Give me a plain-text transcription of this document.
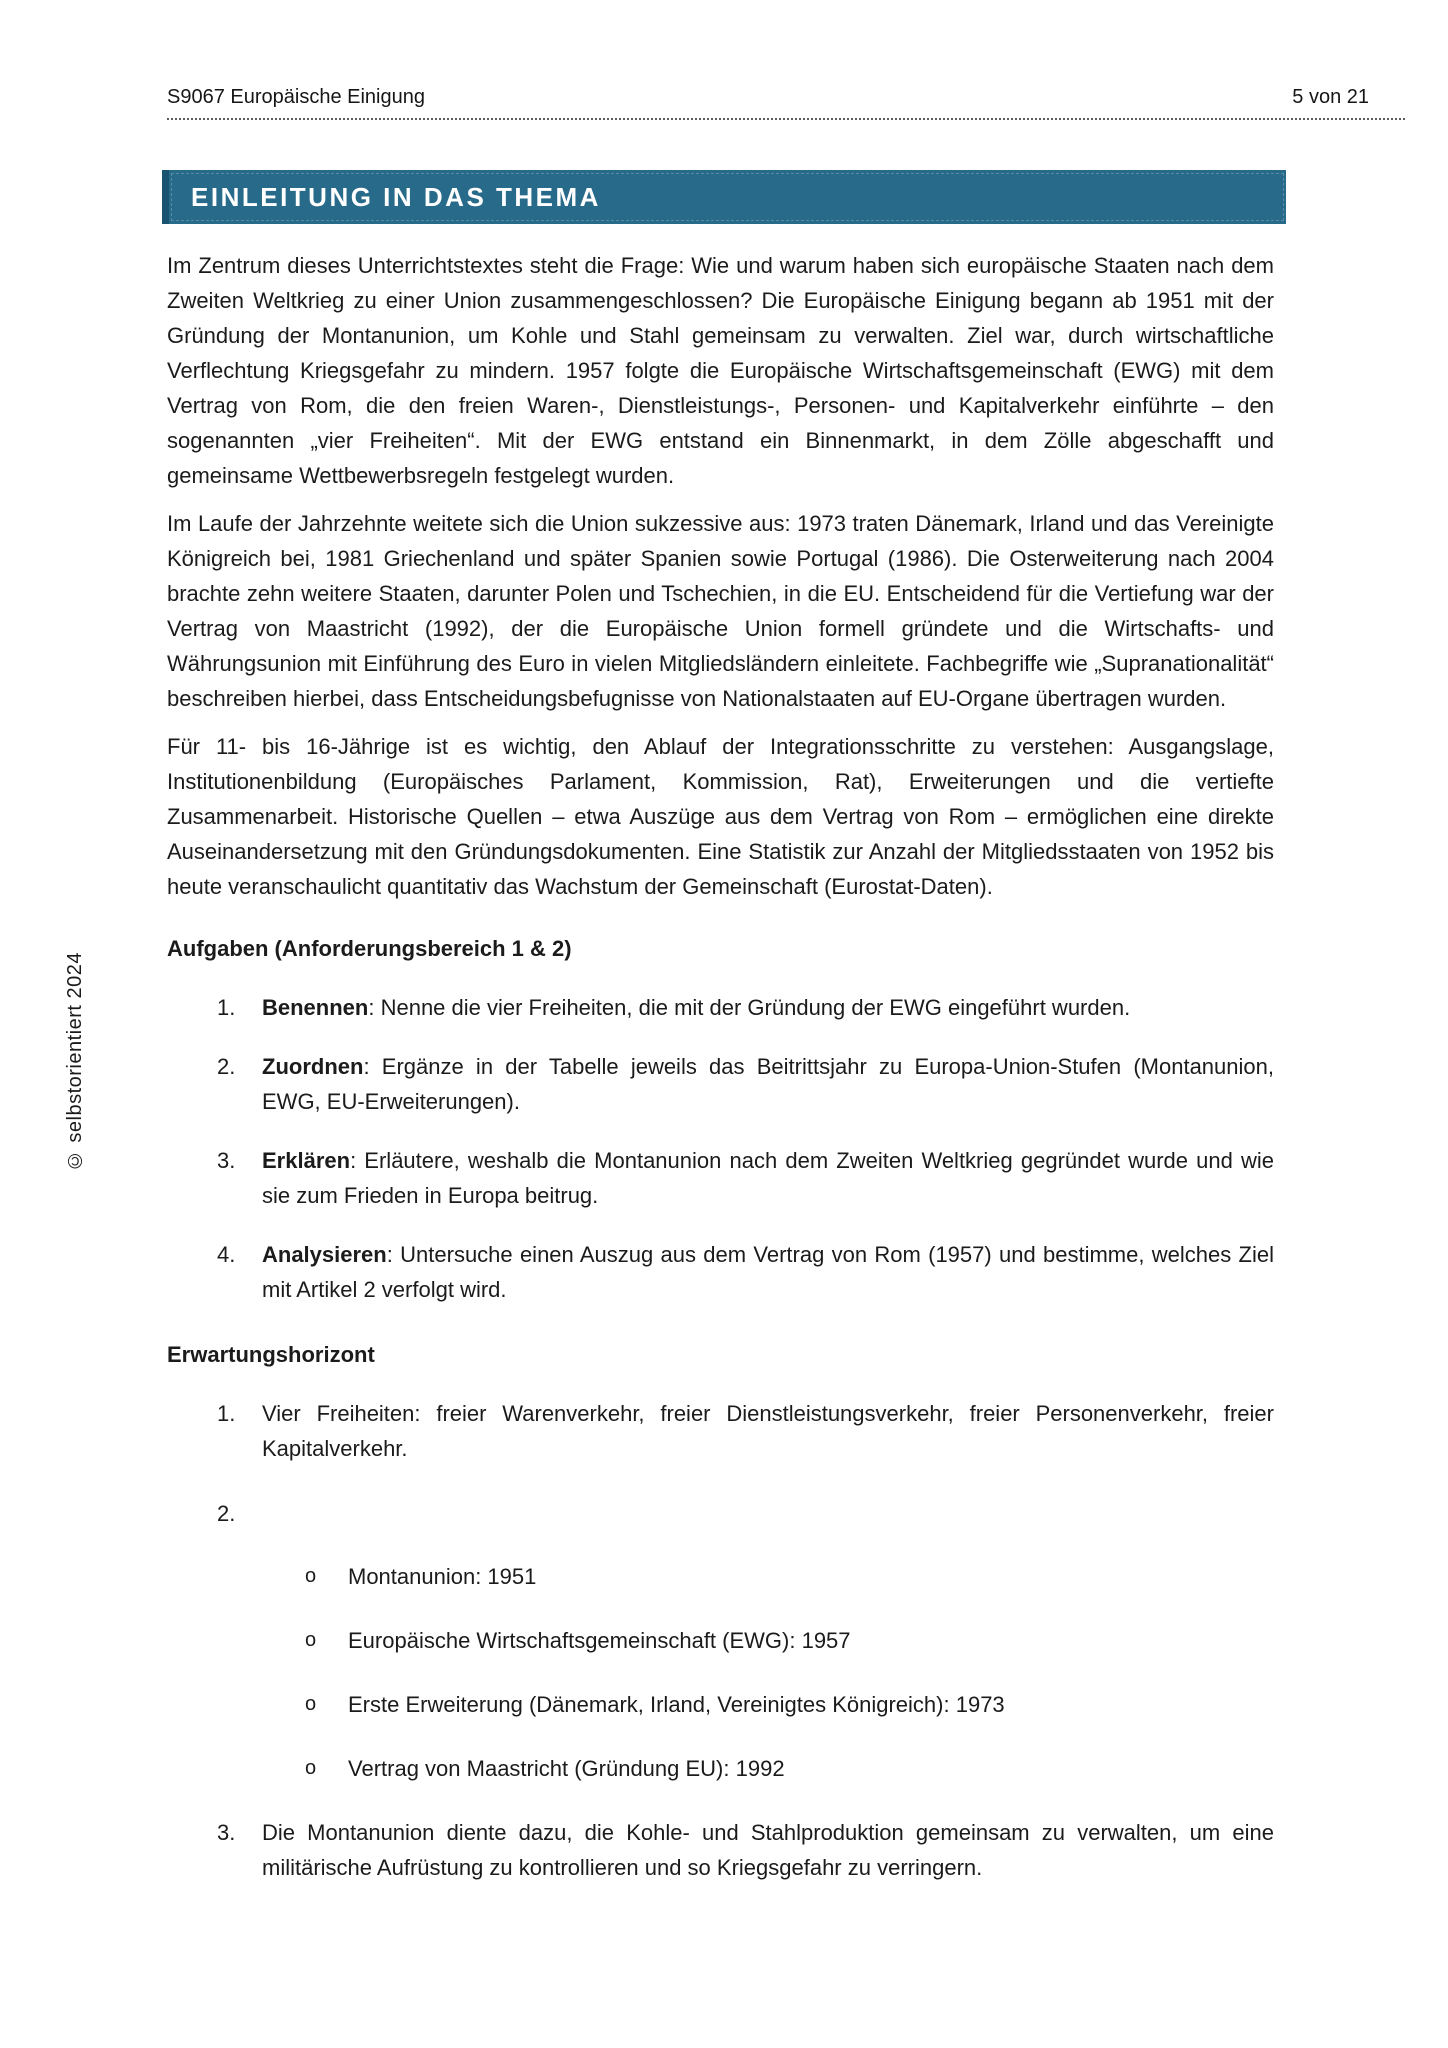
S9067 Europäische Einigung	5 von 21
EINLEITUNG IN DAS THEMA

Im Zentrum dieses Unterrichtstextes steht die Frage: Wie und warum haben sich europäische Staaten nach dem Zweiten Weltkrieg zu einer Union zusammengeschlossen? Die Europäische Einigung begann ab 1951 mit der Gründung der Montanunion, um Kohle und Stahl gemeinsam zu verwalten. Ziel war, durch wirtschaftliche Verflechtung Kriegsgefahr zu mindern. 1957 folgte die Europäische Wirtschaftsgemeinschaft (EWG) mit dem Vertrag von Rom, die den freien Waren-, Dienstleistungs-, Personen- und Kapitalverkehr einführte – den sogenannten „vier Freiheiten“. Mit der EWG entstand ein Binnenmarkt, in dem Zölle abgeschafft und gemeinsame Wettbewerbsregeln festgelegt wurden.

Im Laufe der Jahrzehnte weitete sich die Union sukzessive aus: 1973 traten Dänemark, Irland und das Vereinigte Königreich bei, 1981 Griechenland und später Spanien sowie Portugal (1986). Die Osterweiterung nach 2004 brachte zehn weitere Staaten, darunter Polen und Tschechien, in die EU. Entscheidend für die Vertiefung war der Vertrag von Maastricht (1992), der die Europäische Union formell gründete und die Wirtschafts- und Währungsunion mit Einführung des Euro in vielen Mitgliedsländern einleitete. Fachbegriffe wie „Supranationalität“ beschreiben hierbei, dass Entscheidungsbefugnisse von Nationalstaaten auf EU-Organe übertragen wurden.

Für 11- bis 16-Jährige ist es wichtig, den Ablauf der Integrationsschritte zu verstehen: Ausgangslage, Institutionenbildung (Europäisches Parlament, Kommission, Rat), Erweiterungen und die vertiefte Zusammenarbeit. Historische Quellen – etwa Auszüge aus dem Vertrag von Rom – ermöglichen eine direkte Auseinandersetzung mit den Gründungsdokumenten. Eine Statistik zur Anzahl der Mitgliedsstaaten von 1952 bis heute veranschaulicht quantitativ das Wachstum der Gemeinschaft (Eurostat-Daten).

Aufgaben (Anforderungsbereich 1 & 2)
1.	Benennen: Nenne die vier Freiheiten, die mit der Gründung der EWG eingeführt wurden.
2.	Zuordnen: Ergänze in der Tabelle jeweils das Beitrittsjahr zu Europa-Union-Stufen (Montanunion, EWG, EU-Erweiterungen).
3.	Erklären: Erläutere, weshalb die Montanunion nach dem Zweiten Weltkrieg gegründet wurde und wie sie zum Frieden in Europa beitrug.
4.	Analysieren: Untersuche einen Auszug aus dem Vertrag von Rom (1957) und bestimme, welches Ziel mit Artikel 2 verfolgt wird.
Erwartungshorizont
1.	Vier Freiheiten: freier Warenverkehr, freier Dienstleistungsverkehr, freier Personenverkehr, freier Kapitalverkehr.
2.
o	Montanunion: 1951
o	Europäische Wirtschaftsgemeinschaft (EWG): 1957
o	Erste Erweiterung (Dänemark, Irland, Vereinigtes Königreich): 1973
o	Vertrag von Maastricht (Gründung EU): 1992
3.	Die Montanunion diente dazu, die Kohle- und Stahlproduktion gemeinsam zu verwalten, um eine militärische Aufrüstung zu kontrollieren und so Kriegsgefahr zu verringern.
© selbstorientiert 2024
